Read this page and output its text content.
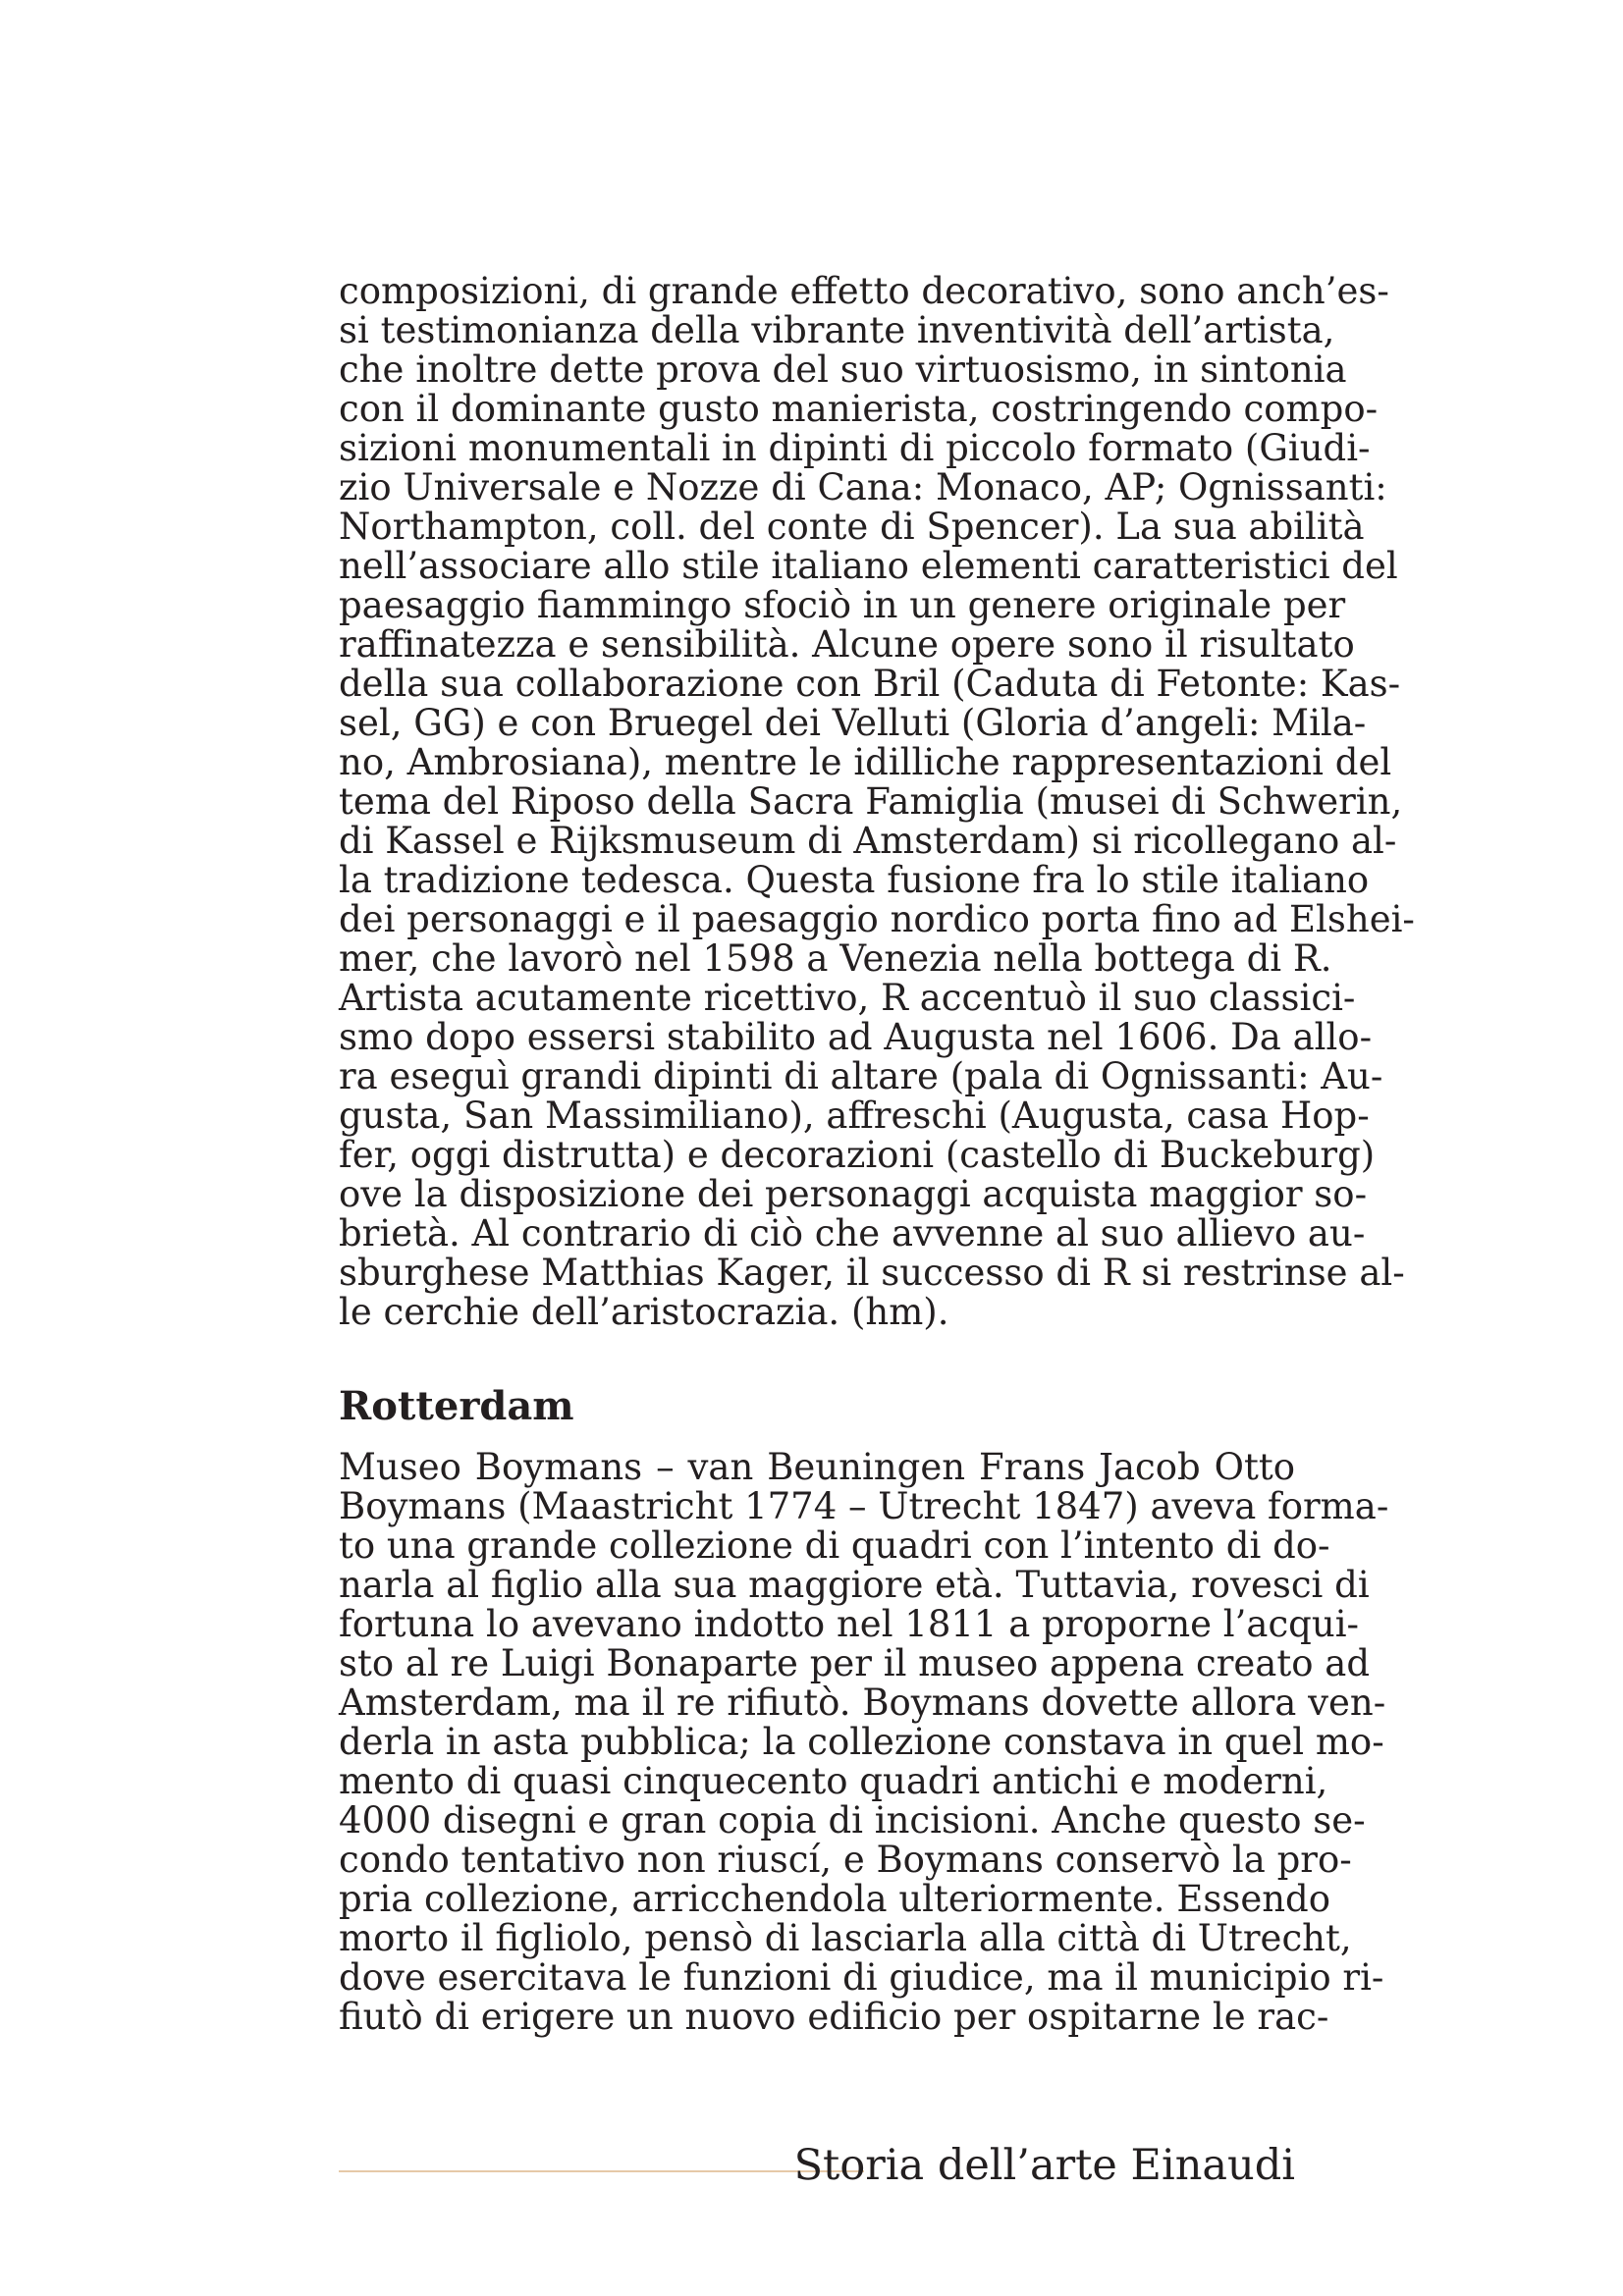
composizioni, di grande effetto decorativo, sono anch’es-
si testimonianza della vibrante inventività dell’artista,
che inoltre dette prova del suo virtuosismo, in sintonia
con il dominante gusto manierista, costringendo compo-
sizioni monumentali in dipinti di piccolo formato (Giudi-
zio Universale e Nozze di Cana: Monaco, AP; Ognissanti:
Northampton, coll. del conte di Spencer). La sua abilità
nell’associare allo stile italiano elementi caratteristici del
paesaggio fiammingo sfociò in un genere originale per
raffinatezza e sensibilità. Alcune opere sono il risultato
della sua collaborazione con Bril (Caduta di Fetonte: Kas-
sel, GG) e con Bruegel dei Velluti (Gloria d’angeli: Mila-
no, Ambrosiana), mentre le idilliche rappresentazioni del
tema del Riposo della Sacra Famiglia (musei di Schwerin,
di Kassel e Rijksmuseum di Amsterdam) si ricollegano al-
la tradizione tedesca. Questa fusione fra lo stile italiano
dei personaggi e il paesaggio nordico porta fino ad Elshei-
mer, che lavorò nel 1598 a Venezia nella bottega di R.
Artista acutamente ricettivo, R accentuò il suo classici-
smo dopo essersi stabilito ad Augusta nel 1606. Da allo-
ra eseguì grandi dipinti di altare (pala di Ognissanti: Au-
gusta, San Massimiliano), affreschi (Augusta, casa Hop-
fer, oggi distrutta) e decorazioni (castello di Buckeburg)
ove la disposizione dei personaggi acquista maggior so-
brietà. Al contrario di ciò che avvenne al suo allievo au-
sburghese Matthias Kager, il successo di R si restrinse al-
le cerchie dell’aristocrazia. (hm).
Rotterdam
Museo Boymans – van Beuningen Frans Jacob Otto
Boymans (Maastricht 1774 – Utrecht 1847) aveva forma-
to una grande collezione di quadri con l’intento di do-
narla al figlio alla sua maggiore età. Tuttavia, rovesci di
fortuna lo avevano indotto nel 1811 a proporne l’acqui-
sto al re Luigi Bonaparte per il museo appena creato ad
Amsterdam, ma il re rifiutò. Boymans dovette allora ven-
derla in asta pubblica; la collezione constava in quel mo-
mento di quasi cinquecento quadri antichi e moderni,
4000 disegni e gran copia di incisioni. Anche questo se-
condo tentativo non riuscí, e Boymans conservò la pro-
pria collezione, arricchendola ulteriormente. Essendo
morto il figliolo, pensò di lasciarla alla città di Utrecht,
dove esercitava le funzioni di giudice, ma il municipio ri-
fiutò di erigere un nuovo edificio per ospitarne le rac-
Storia dell’arte Einaudi
